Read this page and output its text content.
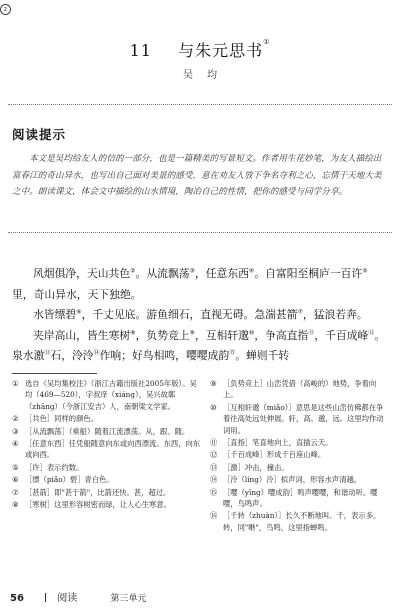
z
11 与朱元思书①
吴均
阅读提示
本文是吴均给友人的信的一部分，也是一篇精美的写景短文。作者用生花妙笔，为友人描绘出富春江的奇山异水，也写出自己面对美景的感受，意在劝友人放下争名夺利之心，忘情于天地大美之中。朗读课文，体会文中描绘的山水情境，陶冶自己的性情，把你的感受与同学分享。

风烟俱净，天山共色②。从流飘荡③，任意东西④。自富阳至桐庐一百许⑤里，奇山异水，天下独绝。

水皆缥碧⑥，千丈见底。游鱼细石，直视无碍。急湍甚箭⑦，猛浪若奔。

夹岸高山，皆生寒树⑧，负势竞上⑨，互相轩邈⑩，争高直指⑪，千百成峰⑫。泉水激⑬石，泠泠⑭作响；好鸟相鸣，嘤嘤成韵⑮。蝉则千转

① 选自《吴均集校注》（浙江古籍出版社2005年版）。吴均（469—520），字叔庠（xiánɡ），吴兴故鄣（zhānɡ）（今浙江安吉）人，南朝梁文学家。
② ［共色］同样的颜色。
③ ［从流飘荡］（乘船）随着江流漂荡。从，跟、随。
④ ［任意东西］任凭船随意向东或向西漂流。东西，向东或向西。
⑤ ［许］表示约数。
⑥ ［缥（piǎo）碧］青白色。
⑦ ［甚箭］即"甚于箭"，比箭还快。甚，超过。
⑧ ［寒树］这里形容树密而绿，让人心生寒意。
⑨ ［负势竞上］山峦凭借（高峻的）地势，争着向上。
⑩ ［互相轩邈（miǎo）］意思是这些山峦仿佛都在争着往高处远处伸展。轩，高。邈，远。这里均作动词用。
⑪ ［直指］笔直地向上，直插云天。
⑫ ［千百成峰］形成千百座山峰。
⑬ ［激］冲击，撞击。
⑭ ［泠（línɡ）泠］拟声词，形容水声清越。
⑮ ［嘤（yīnɡ）嘤成韵］鸣声嘤嘤，和谐动听。嘤嘤，鸟鸣声。
⑯ ［千转（zhuàn）］长久不断地叫。千，表示多。转，同"啭"，鸟鸣，这里指蝉鸣。
56	阅读	第三单元
